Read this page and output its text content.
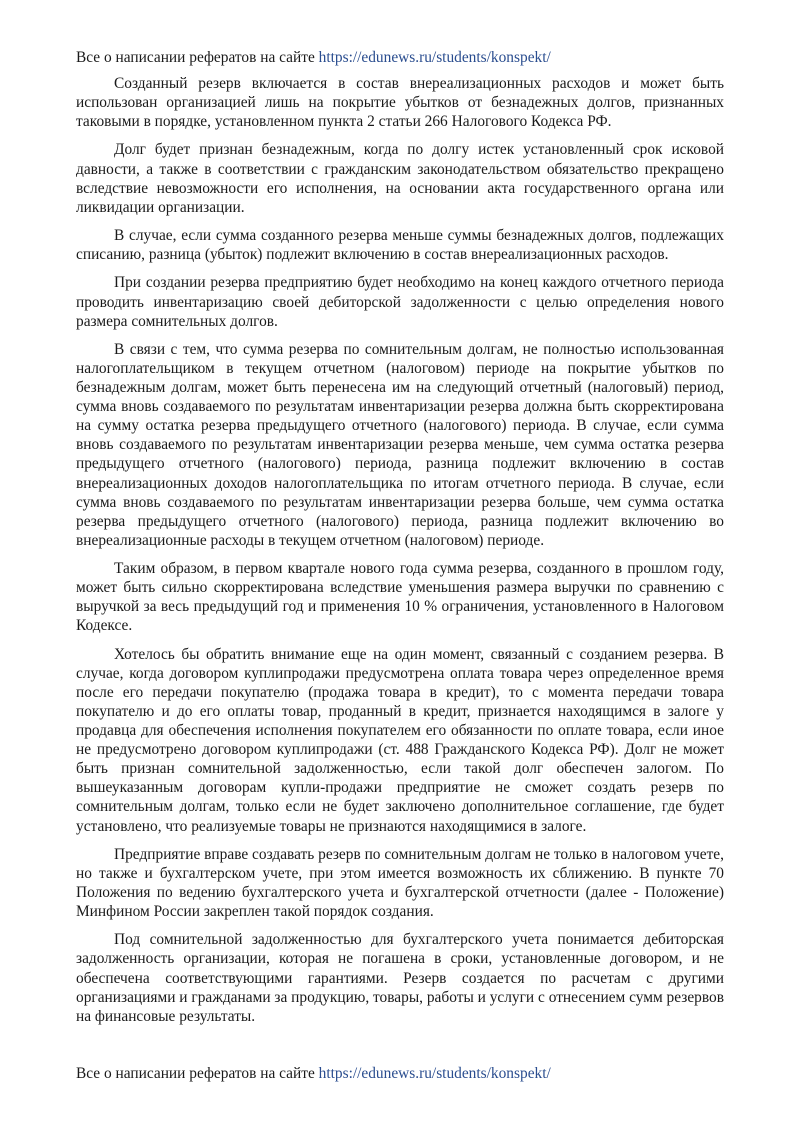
Все о написании рефератов на сайте https://edunews.ru/students/konspekt/

Созданный резерв включается в состав внереализационных расходов и может быть использован организацией лишь на покрытие убытков от безнадежных долгов, признанных таковыми в порядке, установленном пункта 2 статьи 266 Налогового Кодекса РФ.

Долг будет признан безнадежным, когда по долгу истек установленный срок исковой давности, а также в соответствии с гражданским законодательством обязательство прекращено вследствие невозможности его исполнения, на основании акта государственного органа или ликвидации организации.

В случае, если сумма созданного резерва меньше суммы безнадежных долгов, подлежащих списанию, разница (убыток) подлежит включению в состав внереализационных расходов.

При создании резерва предприятию будет необходимо на конец каждого отчетного периода проводить инвентаризацию своей дебиторской задолженности с целью определения нового размера сомнительных долгов.

В связи с тем, что сумма резерва по сомнительным долгам, не полностью использованная налогоплательщиком в текущем отчетном (налоговом) периоде на покрытие убытков по безнадежным долгам, может быть перенесена им на следующий отчетный (налоговый) период, сумма вновь создаваемого по результатам инвентаризации резерва должна быть скорректирована на сумму остатка резерва предыдущего отчетного (налогового) периода. В случае, если сумма вновь создаваемого по результатам инвентаризации резерва меньше, чем сумма остатка резерва предыдущего отчетного (налогового) периода, разница подлежит включению в состав внереализационных доходов налогоплательщика по итогам отчетного периода. В случае, если сумма вновь создаваемого по результатам инвентаризации резерва больше, чем сумма остатка резерва предыдущего отчетного (налогового) периода, разница подлежит включению во внереализационные расходы в текущем отчетном (налоговом) периоде.

Таким образом, в первом квартале нового года сумма резерва, созданного в прошлом году, может быть сильно скорректирована вследствие уменьшения размера выручки по сравнению с выручкой за весь предыдущий год и применения 10 % ограничения, установленного в Налоговом Кодексе.

Хотелось бы обратить внимание еще на один момент, связанный с созданием резерва. В случае, когда договором куплипродажи предусмотрена оплата товара через определенное время после его передачи покупателю (продажа товара в кредит), то с момента передачи товара покупателю и до его оплаты товар, проданный в кредит, признается находящимся в залоге у продавца для обеспечения исполнения покупателем его обязанности по оплате товара, если иное не предусмотрено договором куплипродажи (ст. 488 Гражданского Кодекса РФ). Долг не может быть признан сомнительной задолженностью, если такой долг обеспечен залогом. По вышеуказанным договорам купли-продажи предприятие не сможет создать резерв по сомнительным долгам, только если не будет заключено дополнительное соглашение, где будет установлено, что реализуемые товары не признаются находящимися в залоге.

Предприятие вправе создавать резерв по сомнительным долгам не только в налоговом учете, но также и бухгалтерском учете, при этом имеется возможность их сближению. В пункте 70 Положения по ведению бухгалтерского учета и бухгалтерской отчетности (далее - Положение) Минфином России закреплен такой порядок создания.

Под сомнительной задолженностью для бухгалтерского учета понимается дебиторская задолженность организации, которая не погашена в сроки, установленные договором, и не обеспечена соответствующими гарантиями. Резерв создается по расчетам с другими организациями и гражданами за продукцию, товары, работы и услуги с отнесением сумм резервов на финансовые результаты.

Все о написании рефератов на сайте https://edunews.ru/students/konspekt/
